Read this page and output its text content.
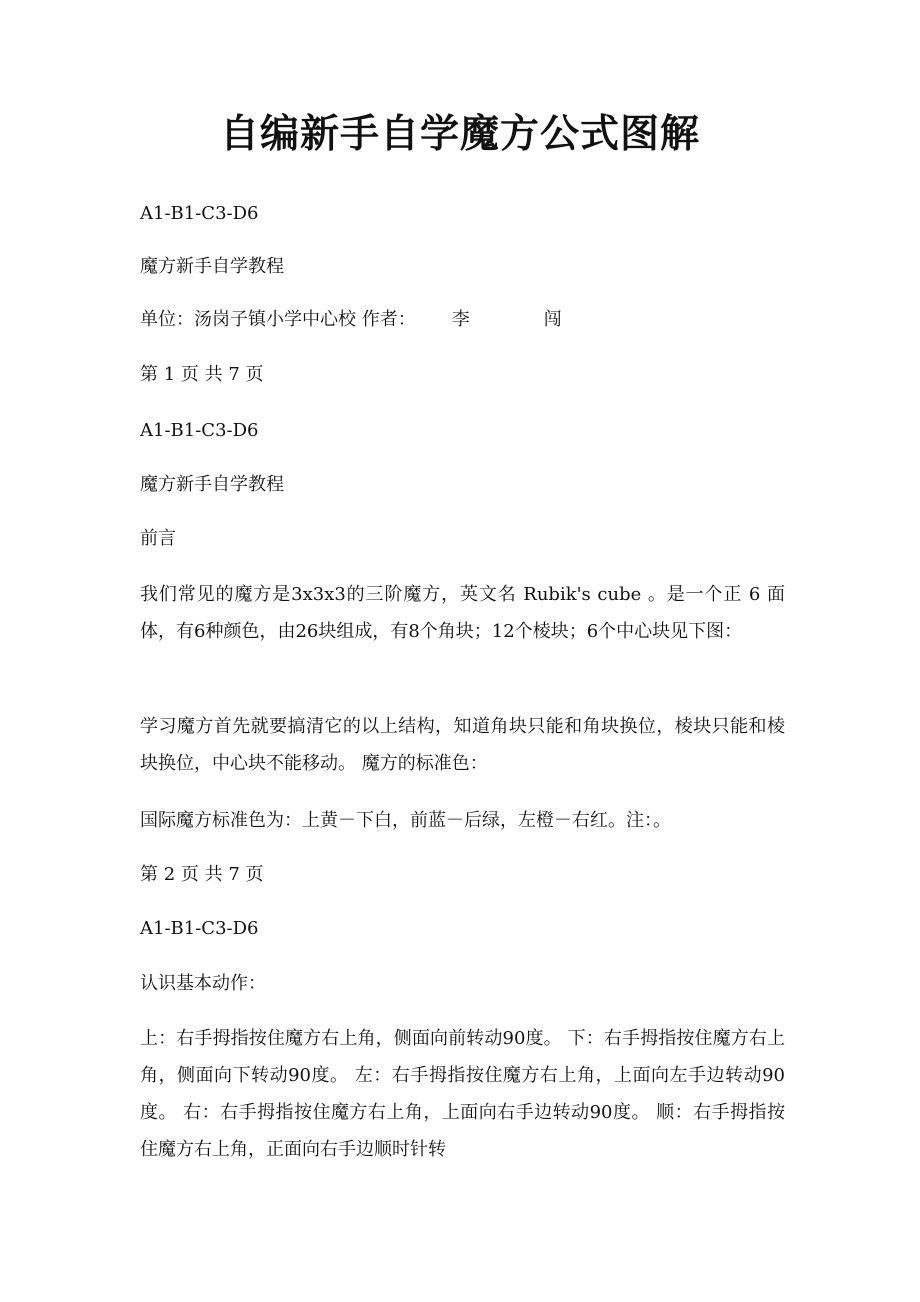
自编新手自学魔方公式图解
A1-B1-C3-D6
魔方新手自学教程
单位：汤岗子镇小学中心校 作者： 李	闯
第 1 页 共 7 页
A1-B1-C3-D6
魔方新手自学教程
前言
我们常见的魔方是3x3x3的三阶魔方，英文名 Rubik's cube 。是一个正 6 面体，有6种颜色，由26块组成，有8个角块；12个棱块；6个中心块见下图：
学习魔方首先就要搞清它的以上结构，知道角块只能和角块换位，棱块只能和棱块换位，中心块不能移动。 魔方的标准色：
国际魔方标准色为：上黄－下白，前蓝－后绿，左橙－右红。注：。
第 2 页 共 7 页
A1-B1-C3-D6
认识基本动作：
上：右手拇指按住魔方右上角，侧面向前转动90度。 下：右手拇指按住魔方右上角，侧面向下转动90度。 左：右手拇指按住魔方右上角，上面向左手边转动90度。 右：右手拇指按住魔方右上角，上面向右手边转动90度。 顺：右手拇指按住魔方右上角，正面向右手边顺时针转
